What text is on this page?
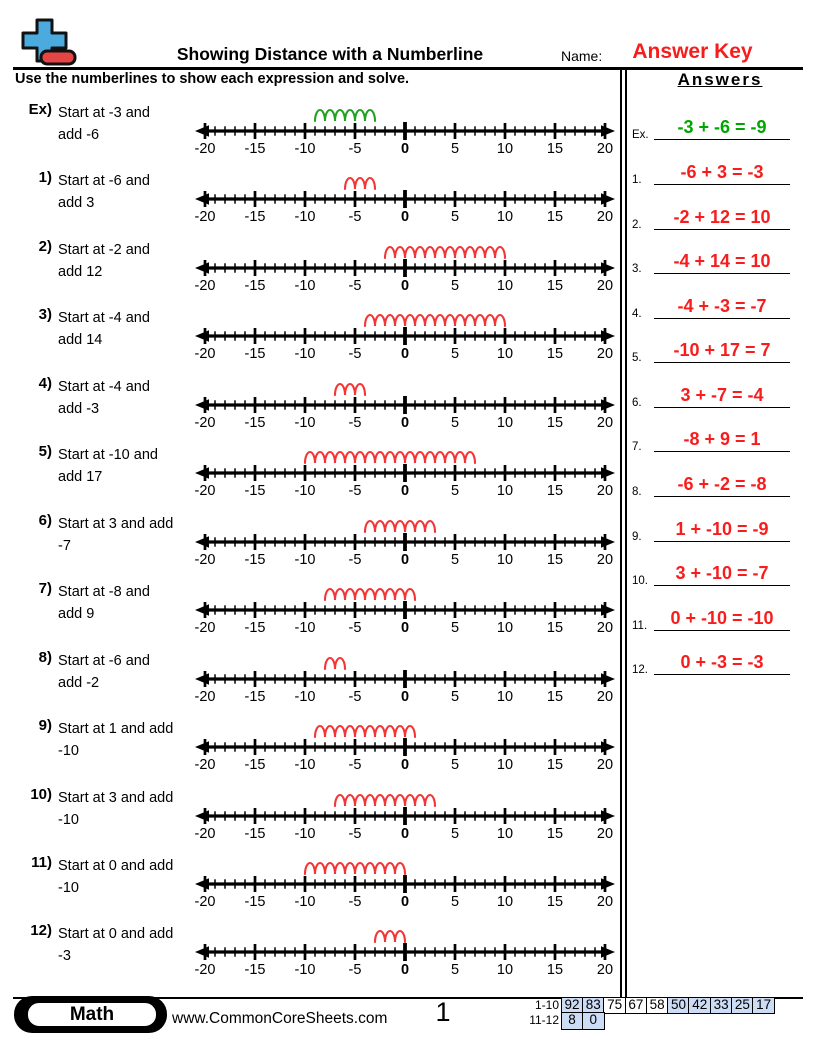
Showing Distance with a Numberline	Name:	Answer Key
Use the numberlines to show each expression and solve.	Answers
Ex) Start at -3 and
add -6
-20 -15 -10 -5	0	5	10 15 20
1) Start at -6 and
add 3
-20 -15 -10 -5	0	5	10 15 20
2) Start at -2 and
add 12
-20 -15 -10 -5	0	5	10 15 20
3) Start at -4 and
add 14
-20 -15 -10 -5	0	5	10 15 20
4) Start at -4 and
add -3
-20 -15 -10 -5	0	5	10 15 20
5) Start at -10 and
add 17
-20 -15 -10 -5	0	5	10 15 20
6) Start at 3 and add
-7
-20 -15 -10 -5	0	5	10 15 20
7) Start at -8 and
add 9
-20 -15 -10 -5	0	5	10 15 20
8) Start at -6 and
add -2
-20 -15 -10 -5	0	5	10 15 20
9) Start at 1 and add
-10
-20 -15 -10 -5	0	5	10 15 20
10) Start at 3 and add
-10
-20 -15 -10 -5	0	5	10 15 20
11) Start at 0 and add
-10
-20 -15 -10 -5	0	5	10 15 20
12) Start at 0 and add
-3
-20 -15 -10 -5	0	5	10 15 20
Ex.	-3 + -6 = -9
1.	-6 + 3 = -3
2.	-2 + 12 = 10
3.	-4 + 14 = 10
4.	-4 + -3 = -7
5.	-10 + 17 = 7
6.	3 + -7 = -4
7.	-8 + 9 = 1
8.	-6 + -2 = -8
9.	1 + -10 = -9
10.	3 + -10 = -7
11.	0 + -10 = -10
12.	0 + -3 = -3
Math	www.CommonCoreSheets.com	1	1-10 92 83 75 67 58 50 42 33 25 17
11-12 8	0
